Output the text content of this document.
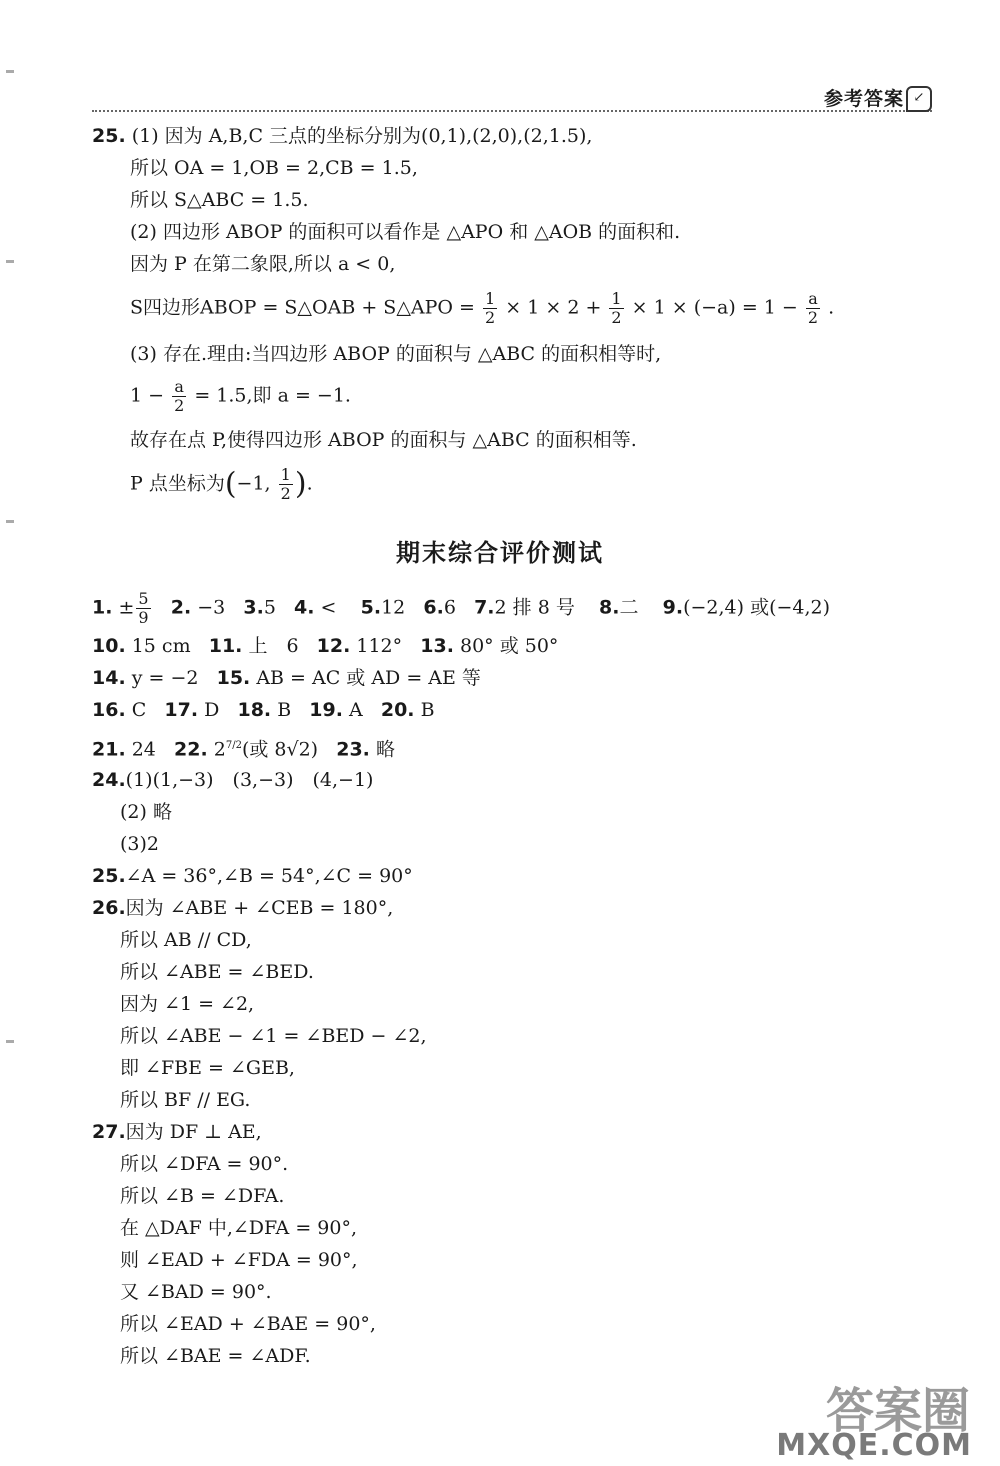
参考答案 ↙
25. (1) 因为 A,B,C 三点的坐标分别为(0,1),(2,0),(2,1.5),
所以 OA = 1,OB = 2,CB = 1.5,
所以 S△ABC = 1.5.
(2) 四边形 ABOP 的面积可以看作是 △APO 和 △AOB 的面积和.
因为 P 在第二象限,所以 a < 0,
S四边形ABOP = S△OAB + S△APO = $\frac{1}{2} \times 1 \times 2 + \frac{1}{2} \times 1 \times (-a) = 1 - \frac{a}{2}$ .
(3) 存在.理由:当四边形 ABOP 的面积与 △ABC 的面积相等时,
$1 - \frac{a}{2} = 1.5$,即 a = −1.
故存在点 P,使得四边形 ABOP 的面积与 △ABC 的面积相等.
P 点坐标为(−1, $\frac{1}{2}$ ).
期末综合评价测试
1. ± $\frac{5}{9} 2$. −3 3.5 4. < 5.12 6.6 7.2 排 8 号 8.二 9.(−2,4) 或(−4,2)
10. 15 cm 11. 上　6 12. 112° 13. 80° 或 50°
14. y = −2 15. AB = AC 或 AD = AE 等
16. C 17. D 18. B 19. A 20. B
21. 24 22. $2^{7/2}$(或 8√2) 23. 略
24.(1)(1,−3)　(3,−3)　(4,−1)
(2) 略
(3)2
25.∠A = 36°,∠B = 54°,∠C = 90°
26.因为 ∠ABE + ∠CEB = 180°,
所以 AB // CD,
所以 ∠ABE = ∠BED.
因为 ∠1 = ∠2,
所以 ∠ABE − ∠1 = ∠BED − ∠2,
即 ∠FBE = ∠GEB,
所以 BF // EG.
27.因为 DF ⊥ AE,
所以 ∠DFA = 90°.
所以 ∠B = ∠DFA.
在 △DAF 中,∠DFA = 90°,
则 ∠EAD + ∠FDA = 90°,
又 ∠BAD = 90°.
所以 ∠EAD + ∠BAE = 90°,
所以 ∠BAE = ∠ADF.
答案圈
MXQE.COM
